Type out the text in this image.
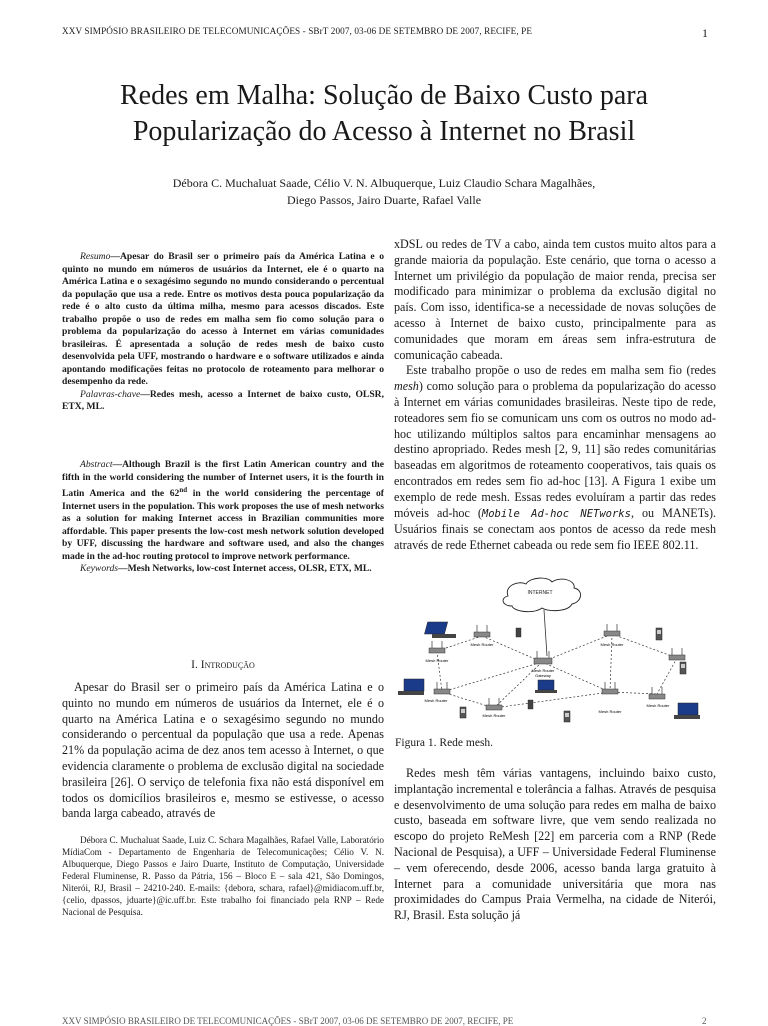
XXV SIMPÓSIO BRASILEIRO DE TELECOMUNICAÇÕES - SBrT 2007, 03-06 DE SETEMBRO DE 2007, RECIFE, PE	1
Redes em Malha: Solução de Baixo Custo para
Popularização do Acesso à Internet no Brasil
Débora C. Muchaluat Saade, Célio V. N. Albuquerque, Luiz Claudio Schara Magalhães,
Diego Passos, Jairo Duarte, Rafael Valle

Resumo—Apesar do Brasil ser o primeiro país da América Latina e o quinto no mundo em números de usuários da Internet, ele é o quarto na América Latina e o sexagésimo segundo no mundo considerando o percentual da população que usa a rede. Entre os motivos desta pouca popularização da rede é o alto custo da última milha, mesmo para acessos discados. Este trabalho propõe o uso de redes em malha sem fio como solução para o problema da popularização do acesso à Internet em várias comunidades brasileiras. É apresentada a solução de redes mesh de baixo custo desenvolvida pela UFF, mostrando o hardware e o software utilizados e ainda apontando modificações feitas no protocolo de roteamento para melhorar o desempenho da rede.

Palavras-chave—Redes mesh, acesso a Internet de baixo custo, OLSR, ETX, ML.

Abstract—Although Brazil is the first Latin American country and the fifth in the world considering the number of Internet users, it is the fourth in Latin America and the 62nd in the world considering the percentage of Internet users in the population. This work proposes the use of mesh networks as a solution for making Internet access in Brazilian communities more affordable. This paper presents the low-cost mesh network solution developed by UFF, discussing the hardware and software used, and also the changes made in the ad-hoc routing protocol to improve network performance.

Keywords—Mesh Networks, low-cost Internet access, OLSR, ETX, ML.

I. Introdução

Apesar do Brasil ser o primeiro país da América Latina e o quinto no mundo em números de usuários da Internet, ele é o quarto na América Latina e o sexagésimo segundo no mundo considerando o percentual da população que usa a rede. Apenas 21% da população acima de dez anos tem acesso à Internet, o que evidencia claramente o problema de exclusão digital na sociedade brasileira [26]. O serviço de telefonia fixa não está disponível em todos os domicílios brasileiros e, mesmo se estivesse, o acesso banda larga cabeado, através de

Débora C. Muchaluat Saade, Luiz C. Schara Magalhães, Rafael Valle, Laboratório MídiaCom - Departamento de Engenharia de Telecomunicações; Célio V. N. Albuquerque, Diego Passos e Jairo Duarte, Instituto de Computação, Universidade Federal Fluminense, R. Passo da Pátria, 156 – Bloco E – sala 421, São Domingos, Niterói, RJ, Brasil – 24210-240. E-mails: {debora, schara, rafael}@midiacom.uff.br, {celio, dpassos, jduarte}@ic.uff.br. Este trabalho foi financiado pela RNP – Rede Nacional de Pesquisa.

xDSL ou redes de TV a cabo, ainda tem custos muito altos para a grande maioria da população. Este cenário, que torna o acesso a Internet um privilégio da população de maior renda, precisa ser modificado para minimizar o problema da exclusão digital no país. Com isso, identifica-se a necessidade de novas soluções de acesso à Internet de baixo custo, principalmente para as comunidades que moram em áreas sem infra-estrutura de comunicação cabeada.

Este trabalho propõe o uso de redes em malha sem fio (redes mesh) como solução para o problema da popularização do acesso à Internet em várias comunidades brasileiras. Neste tipo de rede, roteadores sem fio se comunicam uns com os outros no modo ad-hoc utilizando múltiplos saltos para encaminhar mensagens ao destino apropriado. Redes mesh [2, 9, 11] são redes comunitárias baseadas em algoritmos de roteamento cooperativos, tais quais os encontrados em redes sem fio ad-hoc [13]. A Figura 1 exibe um exemplo de rede mesh. Essas redes evoluíram a partir das redes móveis ad-hoc (Mobile Ad-hoc NETworks, ou MANETs). Usuários finais se conectam aos pontos de acesso da rede mesh através de rede Ethernet cabeada ou rede sem fio IEEE 802.11.

INTERNET
Mesh Router
Mesh Router
Mesh Router
Gateway
Mesh Router
Mesh Router
Mesh Router
Mesh Router
Mesh Router
Figura 1. Rede mesh.

Redes mesh têm várias vantagens, incluindo baixo custo, implantação incremental e tolerância a falhas. Através de pesquisa e desenvolvimento de uma solução para redes em malha de baixo custo, baseada em software livre, que vem sendo realizada no escopo do projeto ReMesh [22] em parceria com a RNP (Rede Nacional de Pesquisa), a UFF – Universidade Federal Fluminense – vem oferecendo, desde 2006, acesso banda larga gratuito à Internet para a comunidade universitária que mora nas proximidades do Campus Praia Vermelha, na cidade de Niterói, RJ, Brasil. Esta solução já

XXV SIMPÓSIO BRASILEIRO DE TELECOMUNICAÇÕES - SBrT 2007, 03-06 DE SETEMBRO DE 2007, RECIFE, PE	2
